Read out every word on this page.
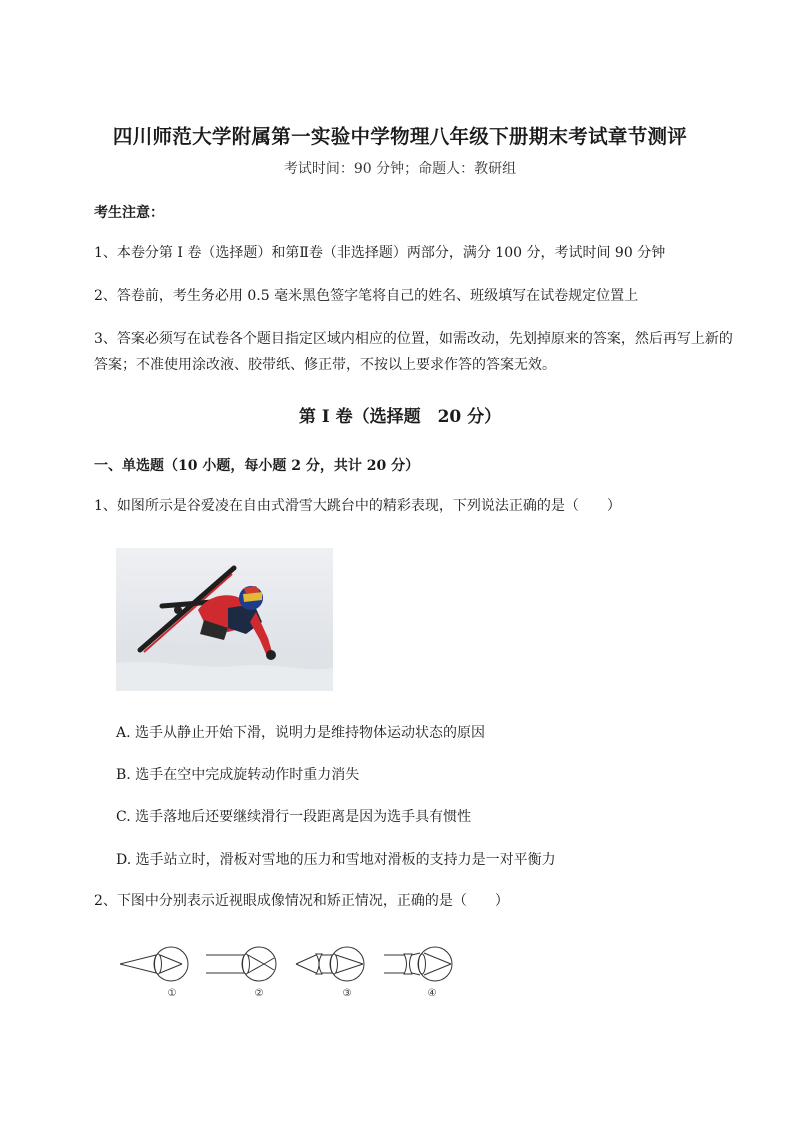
四川师范大学附属第一实验中学物理八年级下册期末考试章节测评
考试时间：90 分钟；命题人：教研组
考生注意：
1、本卷分第 I 卷（选择题）和第Ⅱ卷（非选择题）两部分，满分 100 分，考试时间 90 分钟
2、答卷前，考生务必用 0.5 毫米黑色签字笔将自己的姓名、班级填写在试卷规定位置上
3、答案必须写在试卷各个题目指定区域内相应的位置，如需改动，先划掉原来的答案，然后再写上新的答案；不准使用涂改液、胶带纸、修正带，不按以上要求作答的答案无效。
第 I 卷（选择题　20 分）
一、单选题（10 小题，每小题 2 分，共计 20 分）
1、如图所示是谷爱凌在自由式滑雪大跳台中的精彩表现，下列说法正确的是（　　）
A. 选手从静止开始下滑，说明力是维持物体运动状态的原因
B. 选手在空中完成旋转动作时重力消失
C. 选手落地后还要继续滑行一段距离是因为选手具有惯性
D. 选手站立时，滑板对雪地的压力和雪地对滑板的支持力是一对平衡力
2、下图中分别表示近视眼成像情况和矫正情况，正确的是（　　）
①	②	③	④
